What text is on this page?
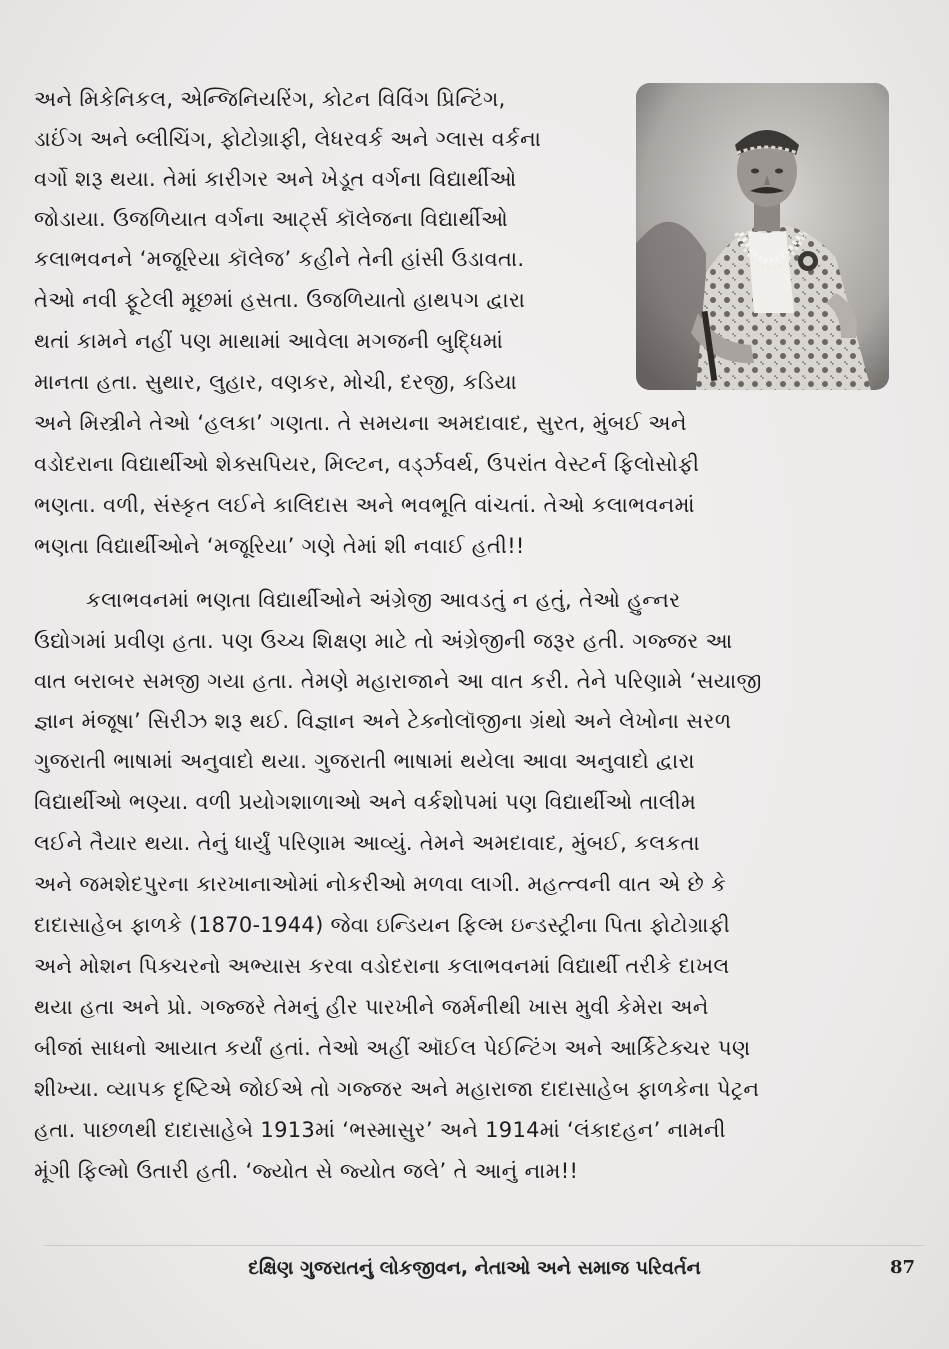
અને મિકેનિકલ, એન્જિનિયરિંગ, કોટન વિવિંગ પ્રિન્ટિંગ,
ડાઈંગ અને બ્લીચિંગ, ફોટોગ્રાફી, લેધરવર્ક અને ગ્લાસ વર્કના
વર્ગો શરૂ થયા. તેમાં કારીગર અને ખેડૂત વર્ગના વિદ્યાર્થીઓ
જોડાયા. ઉજળિયાત વર્ગના આર્ટ્સ કૉલેજના વિદ્યાર્થીઓ
કલાભવનને ‘મજૂરિયા કૉલેજ’ કહીને તેની હાંસી ઉડાવતા.
તેઓ નવી ફૂટેલી મૂછમાં હસતા. ઉજળિયાતો હાથપગ દ્વારા
થતાં કામને નહીં પણ માથામાં આવેલા મગજની બુદ્ધિમાં
માનતા હતા. સુથાર, લુહાર, વણકર, મોચી, દરજી, કડિયા
અને મિસ્ત્રીને તેઓ ‘હલકા’ ગણતા. તે સમયના અમદાવાદ, સુરત, મુંબઈ અને
વડોદરાના વિદ્યાર્થીઓ શેક્સપિયર, મિલ્ટન, વર્ડ્ઝવર્થ, ઉપરાંત વેસ્ટર્ન ફિલોસોફી
ભણતા. વળી, સંસ્કૃત લઈને કાલિદાસ અને ભવભૂતિ વાંચતાં. તેઓ કલાભવનમાં
ભણતા વિદ્યાર્થીઓને ‘મજૂરિયા’ ગણે તેમાં શી નવાઈ હતી!!
કલાભવનમાં ભણતા વિદ્યાર્થીઓને અંગ્રેજી આવડતું ન હતું, તેઓ હુન્નર
ઉદ્યોગમાં પ્રવીણ હતા. પણ ઉચ્ચ શિક્ષણ માટે તો અંગ્રેજીની જરૂર હતી. ગજ્જર આ
વાત બરાબર સમજી ગયા હતા. તેમણે મહારાજાને આ વાત કરી. તેને પરિણામે ‘સયાજી
જ્ઞાન મંજૂષા’ સિરીઝ શરૂ થઈ. વિજ્ઞાન અને ટેક્નોલૉજીના ગ્રંથો અને લેખોના સરળ
ગુજરાતી ભાષામાં અનુવાદો થયા. ગુજરાતી ભાષામાં થયેલા આવા અનુવાદો દ્વારા
વિદ્યાર્થીઓ ભણ્યા. વળી પ્રયોગશાળાઓ અને વર્કશોપમાં પણ વિદ્યાર્થીઓ તાલીમ
લઈને તૈયાર થયા. તેનું ધાર્યું પરિણામ આવ્યું. તેમને અમદાવાદ, મુંબઈ, કલકતા
અને જમશેદપુરના કારખાનાઓમાં નોકરીઓ મળવા લાગી. મહત્ત્વની વાત એ છે કે
દાદાસાહેબ ફાળકે (1870-1944) જેવા ઇન્ડિયન ફિલ્મ ઇન્ડસ્ટ્રીના પિતા ફોટોગ્રાફી
અને મોશન પિક્ચરનો અભ્યાસ કરવા વડોદરાના કલાભવનમાં વિદ્યાર્થી તરીકે દાખલ
થયા હતા અને પ્રો. ગજ્જરે તેમનું હીર પારખીને જર્મનીથી ખાસ મુવી કેમેરા અને
બીજાં સાધનો આયાત કર્યાં હતાં. તેઓ અહીં ઑઈલ પેઈન્ટિંગ અને આર્કિટેક્ચર પણ
શીખ્યા. વ્યાપક દૃષ્ટિએ જોઈએ તો ગજ્જર અને મહારાજા દાદાસાહેબ ફાળકેના પેટ્રન
હતા. પાછળથી દાદાસાહેબે 1913માં ‘ભસ્માસુર’ અને 1914માં ‘લંકાદહન’ નામની
મૂંગી ફિલ્મો ઉતારી હતી. ‘જ્યોત સે જ્યોત જલે’ તે આનું નામ!!
દક્ષિણ ગુજરાતનું લોકજીવન, નેતાઓ અને સમાજ પરિવર્તન	87
